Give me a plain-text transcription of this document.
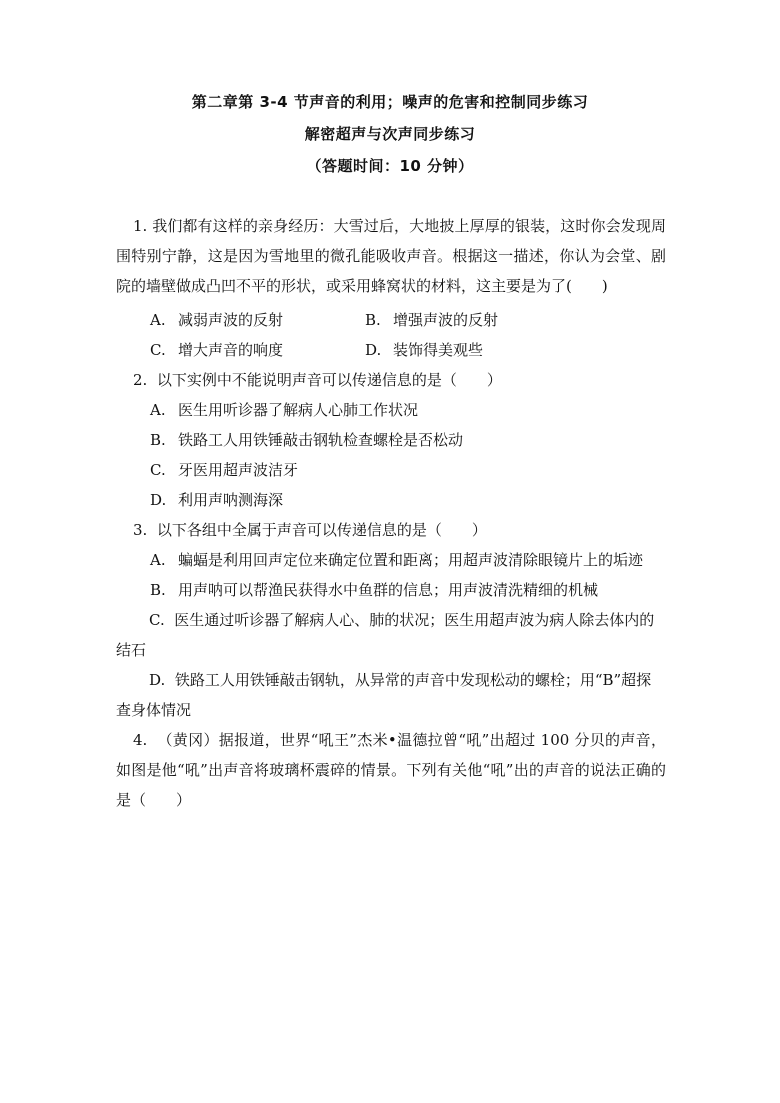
第二章第 3-4 节声音的利用；噪声的危害和控制同步练习
解密超声与次声同步练习
（答题时间：10 分钟）
1. 我们都有这样的亲身经历：大雪过后，大地披上厚厚的银装，这时你会发现周围特别宁静，这是因为雪地里的微孔能吸收声音。根据这一描述，你认为会堂、剧院的墙壁做成凸凹不平的形状，或采用蜂窝状的材料，这主要是为了(　　)
A. 减弱声波的反射	B. 增强声波的反射
C. 增大声音的响度	D. 装饰得美观些
2. 以下实例中不能说明声音可以传递信息的是（　　）
A. 医生用听诊器了解病人心肺工作状况
B. 铁路工人用铁锤敲击钢轨检查螺栓是否松动
C. 牙医用超声波洁牙
D. 利用声呐测海深
3. 以下各组中全属于声音可以传递信息的是（　　）
A. 蝙蝠是利用回声定位来确定位置和距离；用超声波清除眼镜片上的垢迹
B. 用声呐可以帮渔民获得水中鱼群的信息；用声波清洗精细的机械
C. 医生通过听诊器了解病人心、肺的状况；医生用超声波为病人除去体内的结石
D. 铁路工人用铁锤敲击钢轨，从异常的声音中发现松动的螺栓；用“B”超探查身体情况
4. （黄冈）据报道，世界“吼王”杰米•温德拉曾“吼”出超过 100 分贝的声音，如图是他“吼”出声音将玻璃杯震碎的情景。下列有关他“吼”出的声音的说法正确的是（　　）
